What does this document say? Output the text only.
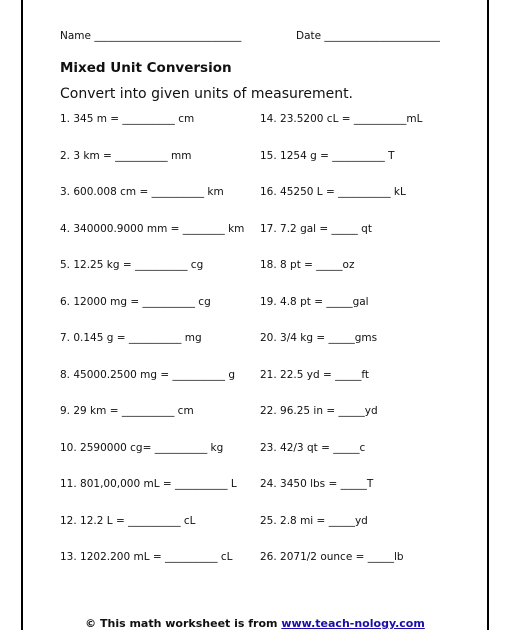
Name ____________________________	Date ______________________
Mixed Unit Conversion
Convert into given units of measurement.
1. 345 m = __________ cm
2. 3 km = __________ mm
3. 600.008 cm = __________ km
4. 340000.9000 mm = ________ km
5. 12.25 kg = __________ cg
6. 12000 mg = __________ cg
7. 0.145 g = __________ mg
8. 45000.2500 mg = __________ g
9. 29 km = __________ cm
10. 2590000 cg= __________ kg
11. 801,00,000 mL = __________ L
12. 12.2 L = __________ cL
13. 1202.200 mL = __________ cL
14. 23.5200 cL = __________mL
15. 1254 g = __________ T
16. 45250 L = __________ kL
17. 7.2 gal = _____ qt
18. 8 pt = _____oz
19. 4.8 pt = _____gal
20. 3/4 kg = _____gms
21. 22.5 yd = _____ft
22. 96.25 in = _____yd
23. 42/3 qt = _____c
24. 3450 lbs = _____T
25. 2.8 mi = _____yd
26. 2071/2 ounce = _____lb
© This math worksheet is from www.teach-nology.com
